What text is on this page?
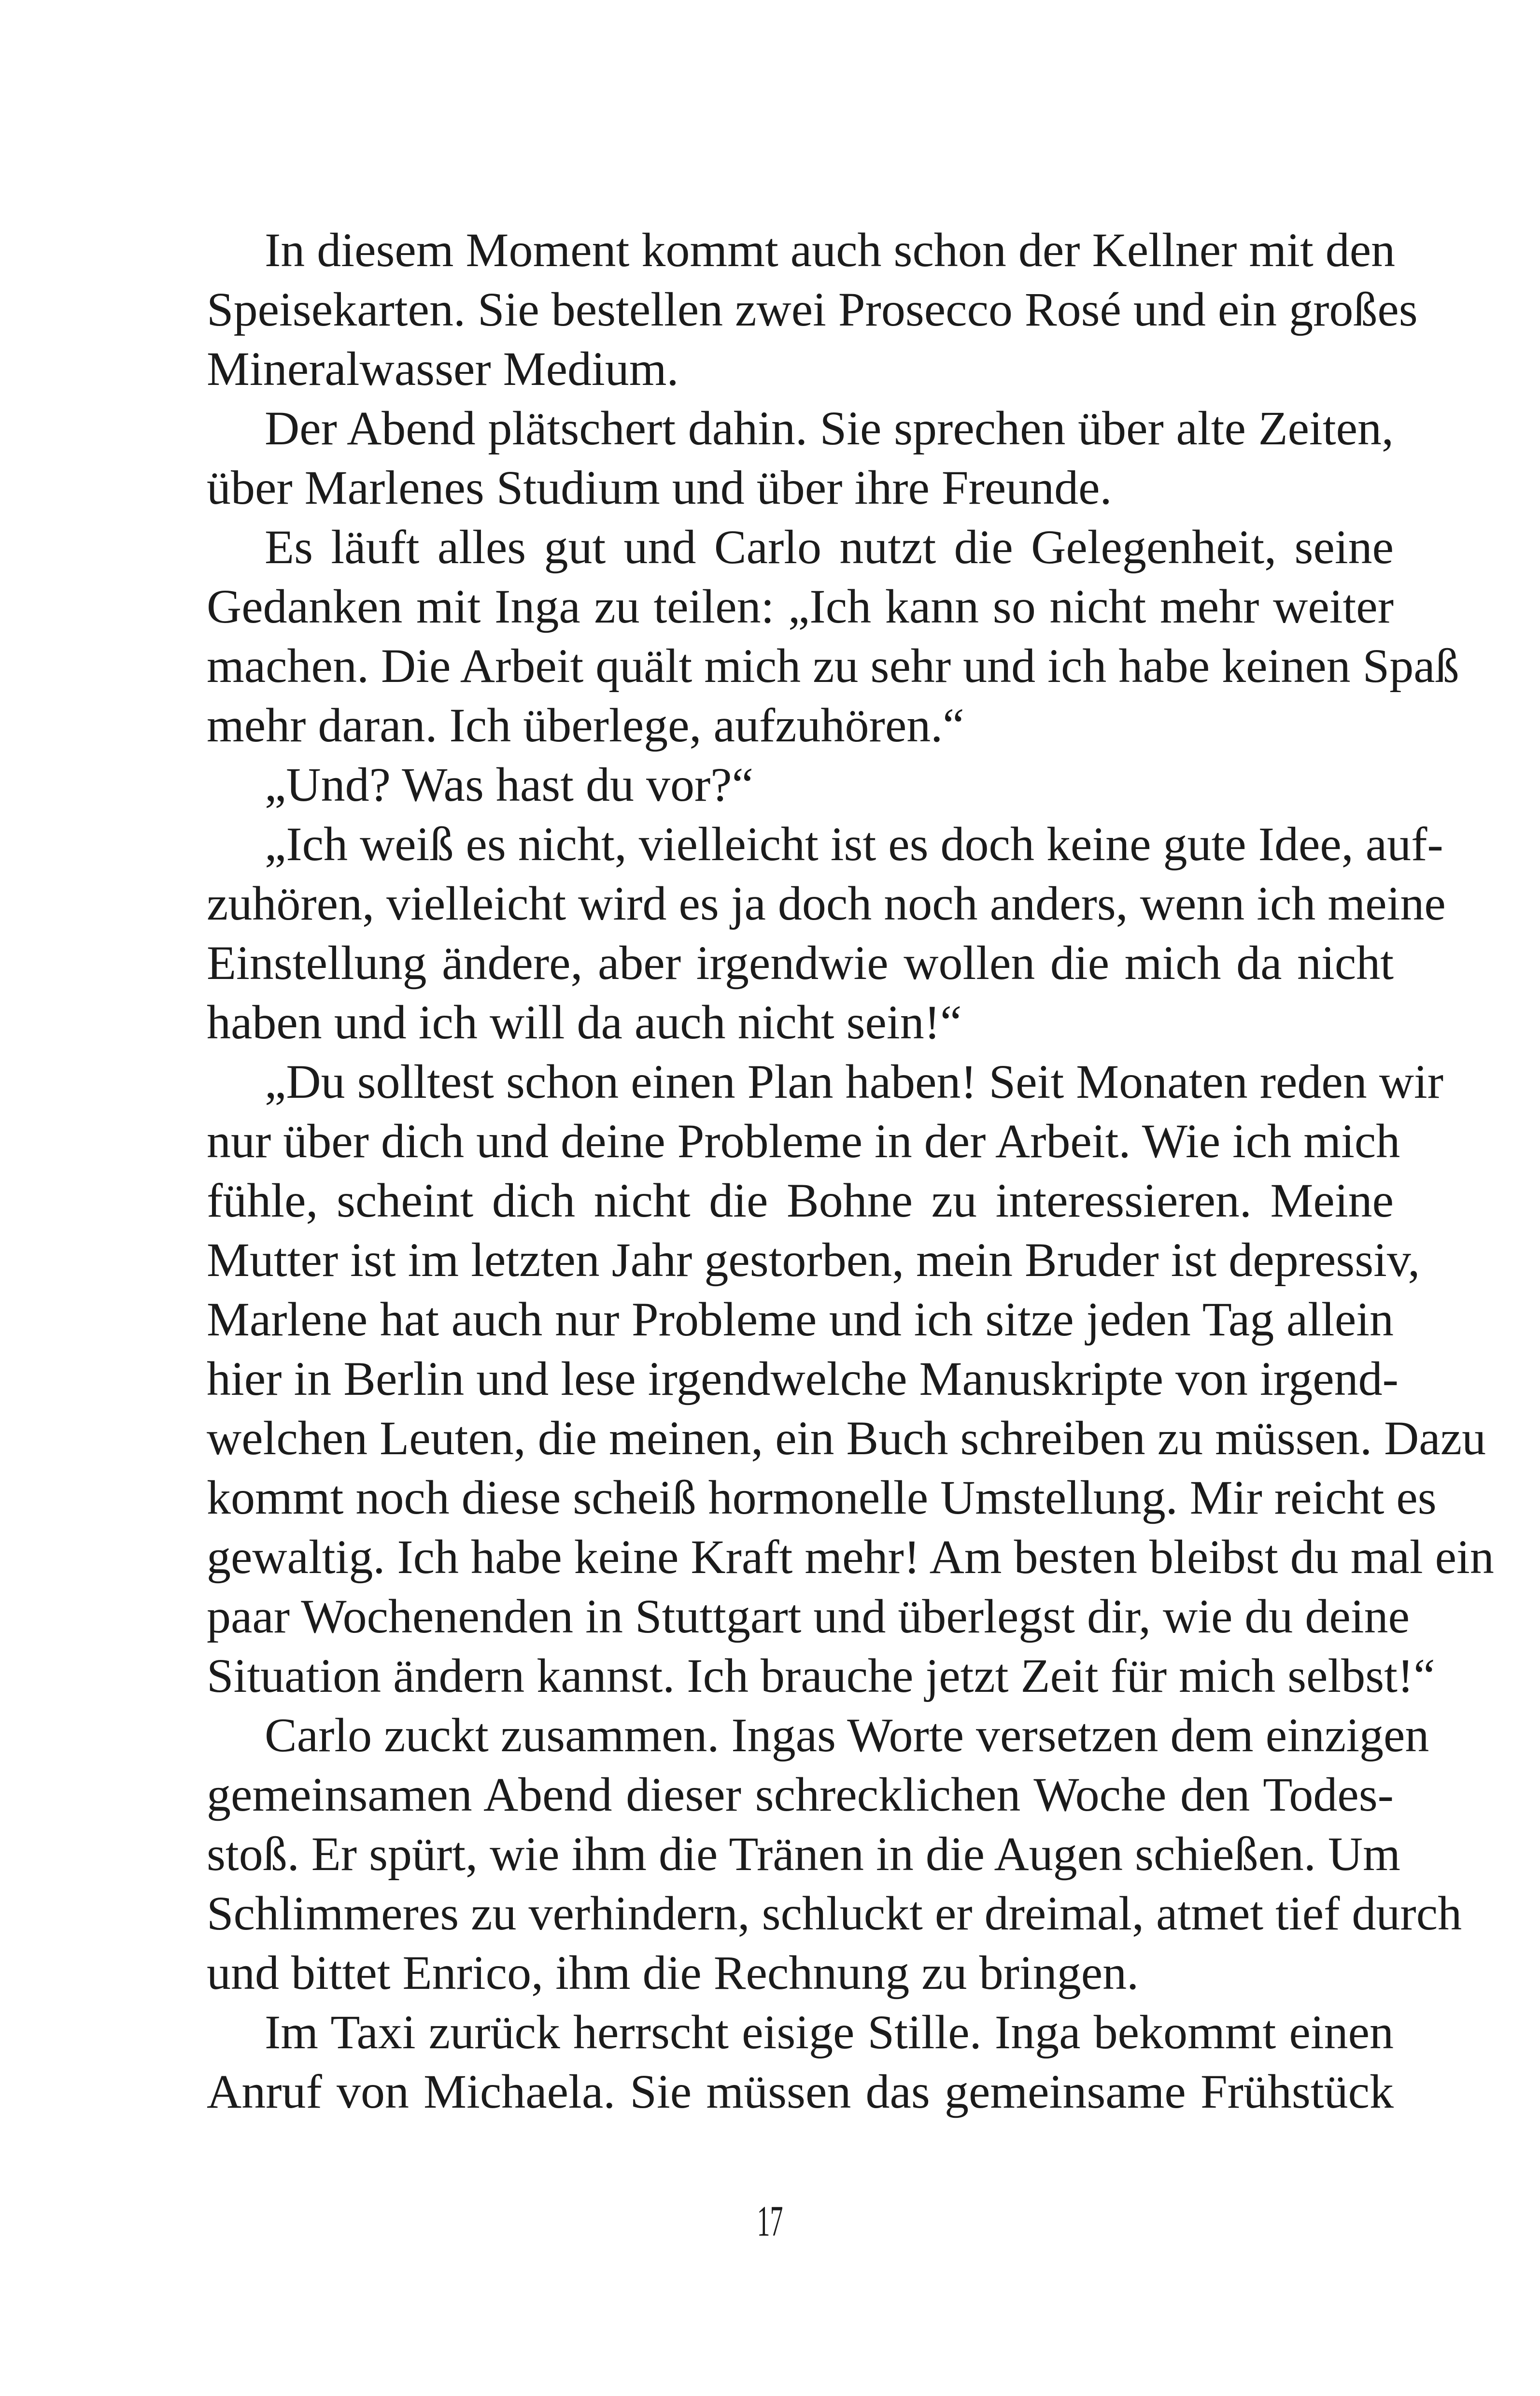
In diesem Moment kommt auch schon der Kellner mit den
Speisekarten. Sie bestellen zwei Prosecco Rosé und ein großes
Mineralwasser Medium.
Der Abend plätschert dahin. Sie sprechen über alte Zeiten,
über Marlenes Studium und über ihre Freunde.
Es läuft alles gut und Carlo nutzt die Gelegenheit, seine
Gedanken mit Inga zu teilen: „Ich kann so nicht mehr weiter
machen. Die Arbeit quält mich zu sehr und ich habe keinen Spaß
mehr daran. Ich überlege, aufzuhören.“
„Und? Was hast du vor?“
„Ich weiß es nicht, vielleicht ist es doch keine gute Idee, auf-
zuhören, vielleicht wird es ja doch noch anders, wenn ich meine
Einstellung ändere, aber irgendwie wollen die mich da nicht
haben und ich will da auch nicht sein!“
„Du solltest schon einen Plan haben! Seit Monaten reden wir
nur über dich und deine Probleme in der Arbeit. Wie ich mich
fühle, scheint dich nicht die Bohne zu interessieren. Meine
Mutter ist im letzten Jahr gestorben, mein Bruder ist depressiv,
Marlene hat auch nur Probleme und ich sitze jeden Tag allein
hier in Berlin und lese irgendwelche Manuskripte von irgend-
welchen Leuten, die meinen, ein Buch schreiben zu müssen. Dazu
kommt noch diese scheiß hormonelle Umstellung. Mir reicht es
gewaltig. Ich habe keine Kraft mehr! Am besten bleibst du mal ein
paar Wochenenden in Stuttgart und überlegst dir, wie du deine
Situation ändern kannst. Ich brauche jetzt Zeit für mich selbst!“
Carlo zuckt zusammen. Ingas Worte versetzen dem einzigen
gemeinsamen Abend dieser schrecklichen Woche den Todes-
stoß. Er spürt, wie ihm die Tränen in die Augen schießen. Um
Schlimmeres zu verhindern, schluckt er dreimal, atmet tief durch
und bittet Enrico, ihm die Rechnung zu bringen.
Im Taxi zurück herrscht eisige Stille. Inga bekommt einen
Anruf von Michaela. Sie müssen das gemeinsame Frühstück
17
